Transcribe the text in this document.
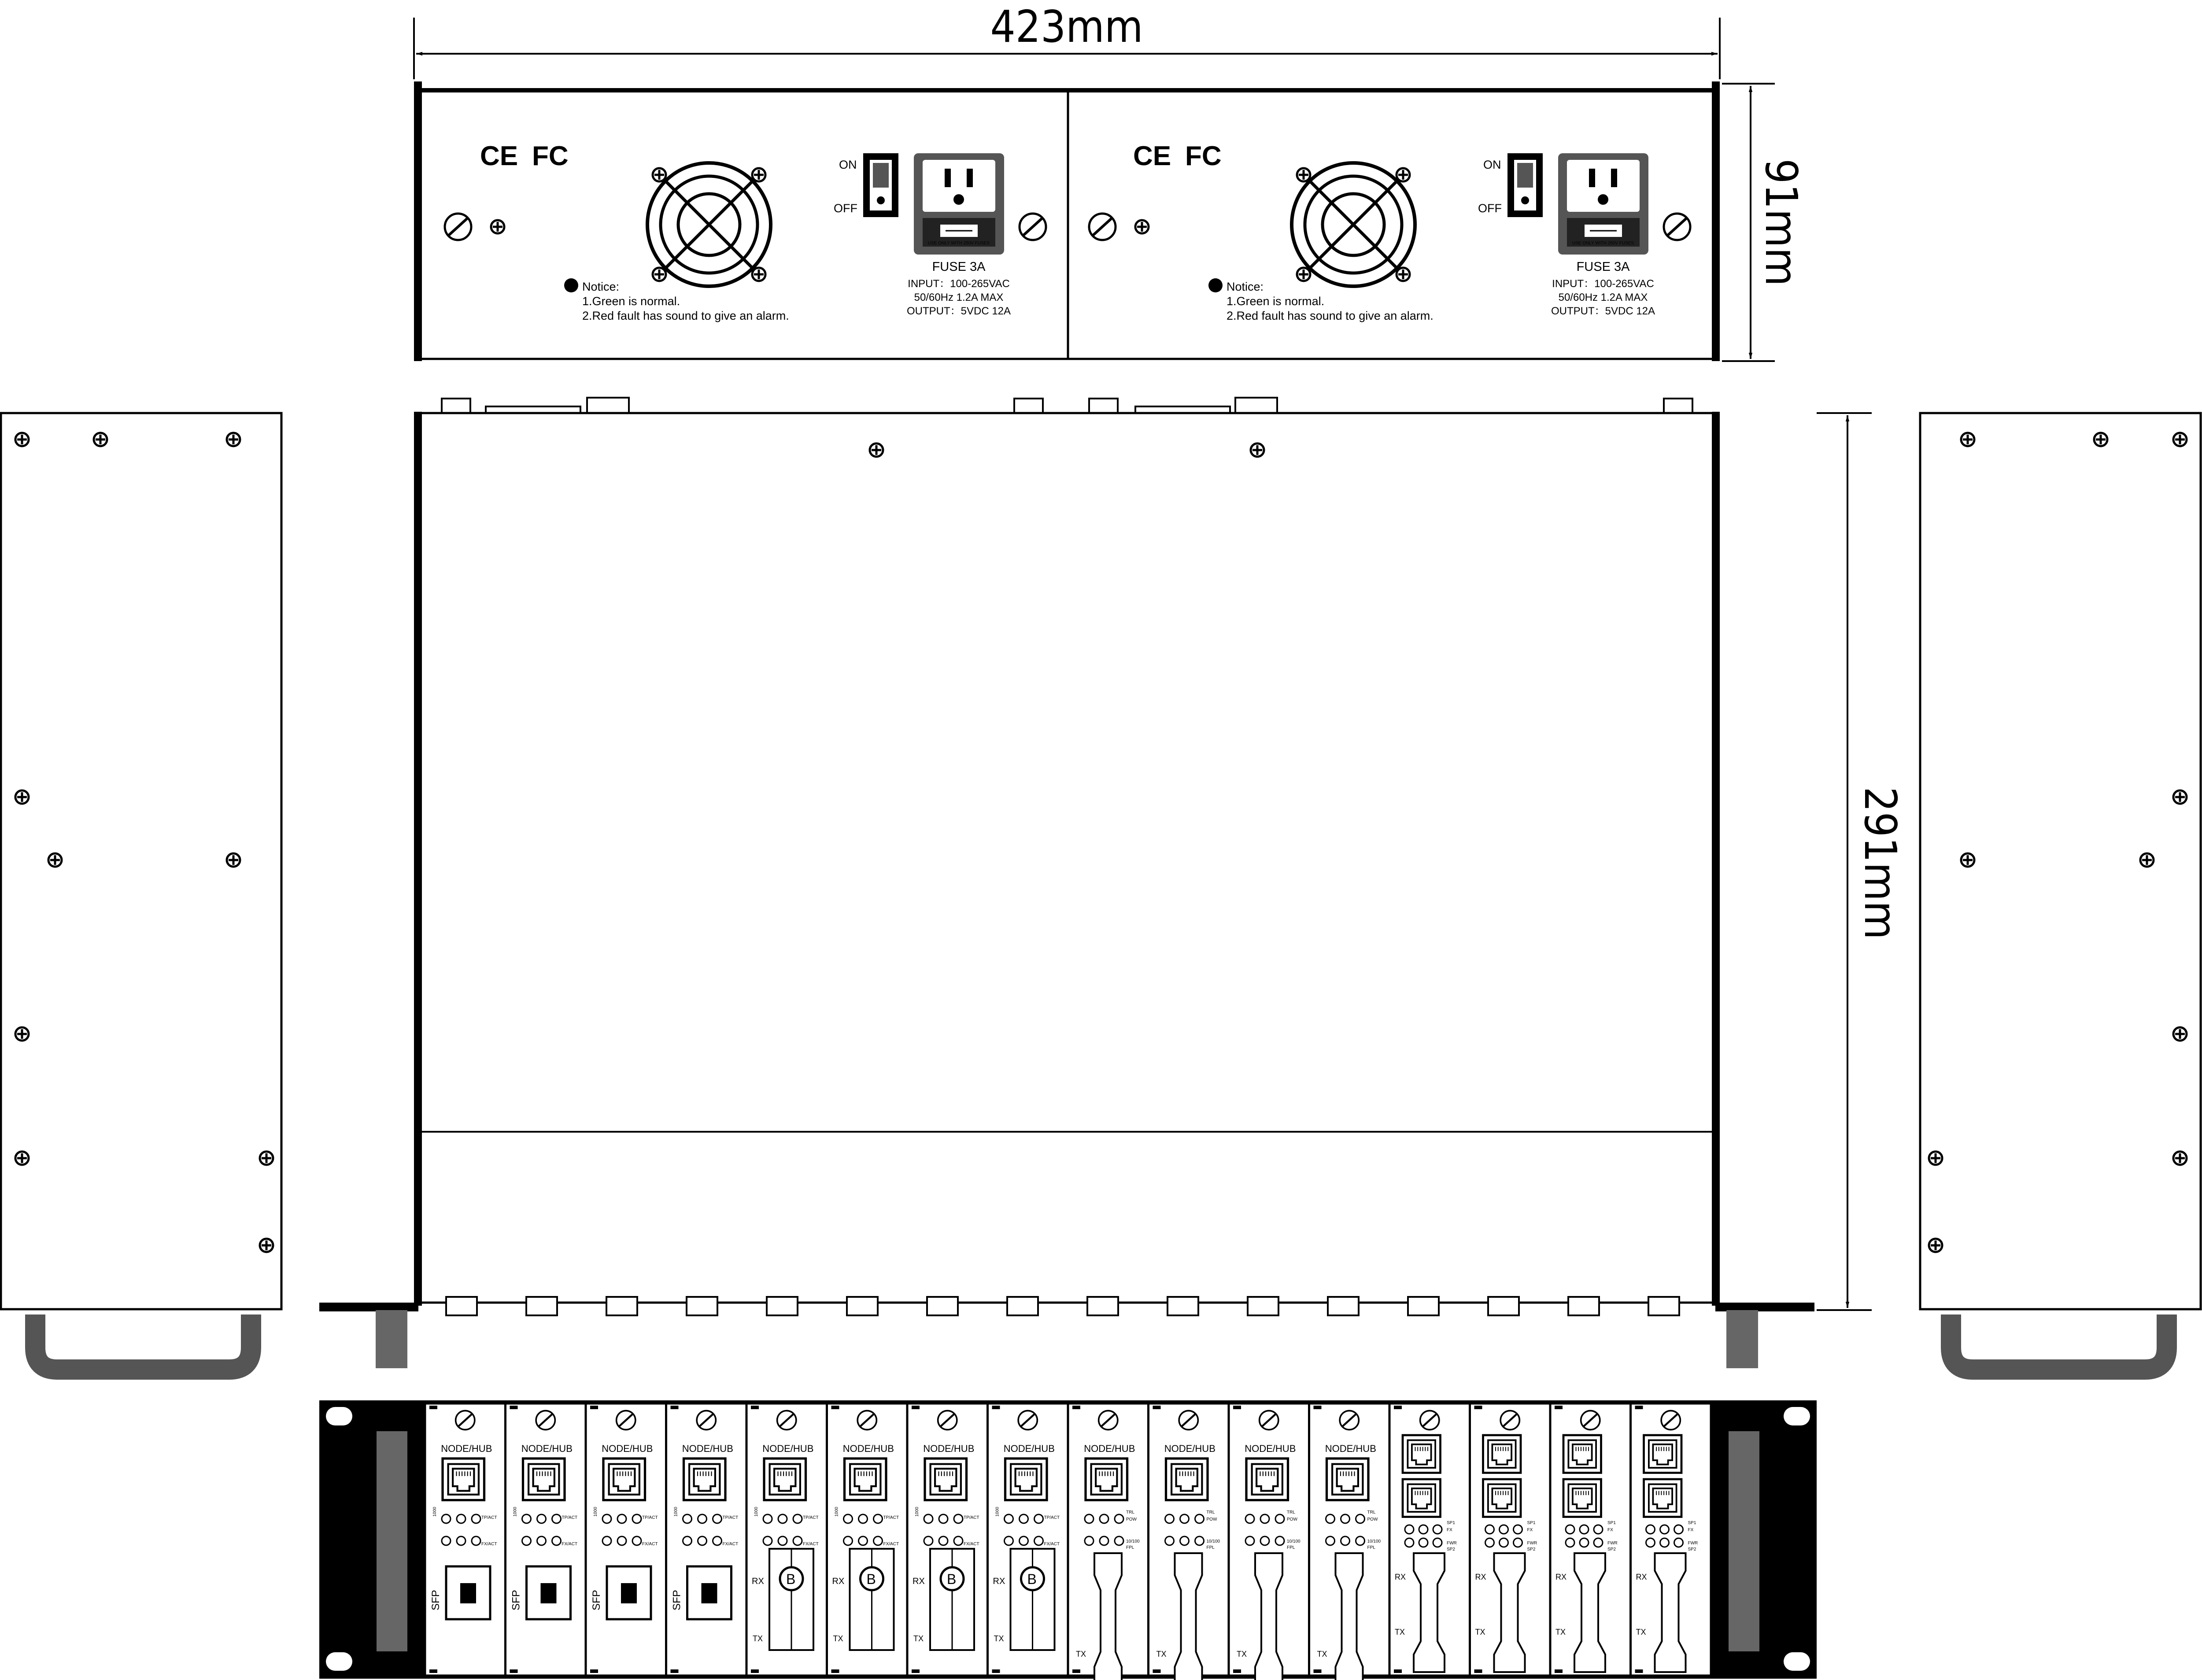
423mm
91mm
291mm
CE FC
Notice:
1.Green is normal.
2.Red fault has sound to give an alarm.
ON
OFF
USE ONLY WITH 250V FUSES
FUSE 3A
INPUT：100-265VAC
50/60Hz 1.2A MAX
OUTPUT：5VDC 12A
CE FC
Notice:
1.Green is normal.
2.Red fault has sound to give an alarm.
ON
OFF
USE ONLY WITH 250V FUSES
FUSE 3A
INPUT：100-265VAC
50/60Hz 1.2A MAX
OUTPUT：5VDC 12A
NODE/HUB
TP/ACT
FX/ACT
1000
SFP
NODE/HUB
TP/ACT
FX/ACT
1000
SFP
NODE/HUB
TP/ACT
FX/ACT
1000
SFP
NODE/HUB
TP/ACT
FX/ACT
1000
SFP
NODE/HUB
TP/ACT
FX/ACT
1000
B
RX
TX
NODE/HUB
TP/ACT
FX/ACT
1000
B
RX
TX
NODE/HUB
TP/ACT
FX/ACT
1000
B
RX
TX
NODE/HUB
TP/ACT
FX/ACT
1000
B
RX
TX
NODE/HUB
TRL
POW
10/100
FPL
TX
NODE/HUB
TRL
POW
10/100
FPL
TX
NODE/HUB
TRL
POW
10/100
FPL
TX
NODE/HUB
TRL
POW
10/100
FPL
TX
SP1
FX
FWR
SP2
RX
TX
SP1
FX
FWR
SP2
RX
TX
SP1
FX
FWR
SP2
RX
TX
SP1
FX
FWR
SP2
RX
TX
